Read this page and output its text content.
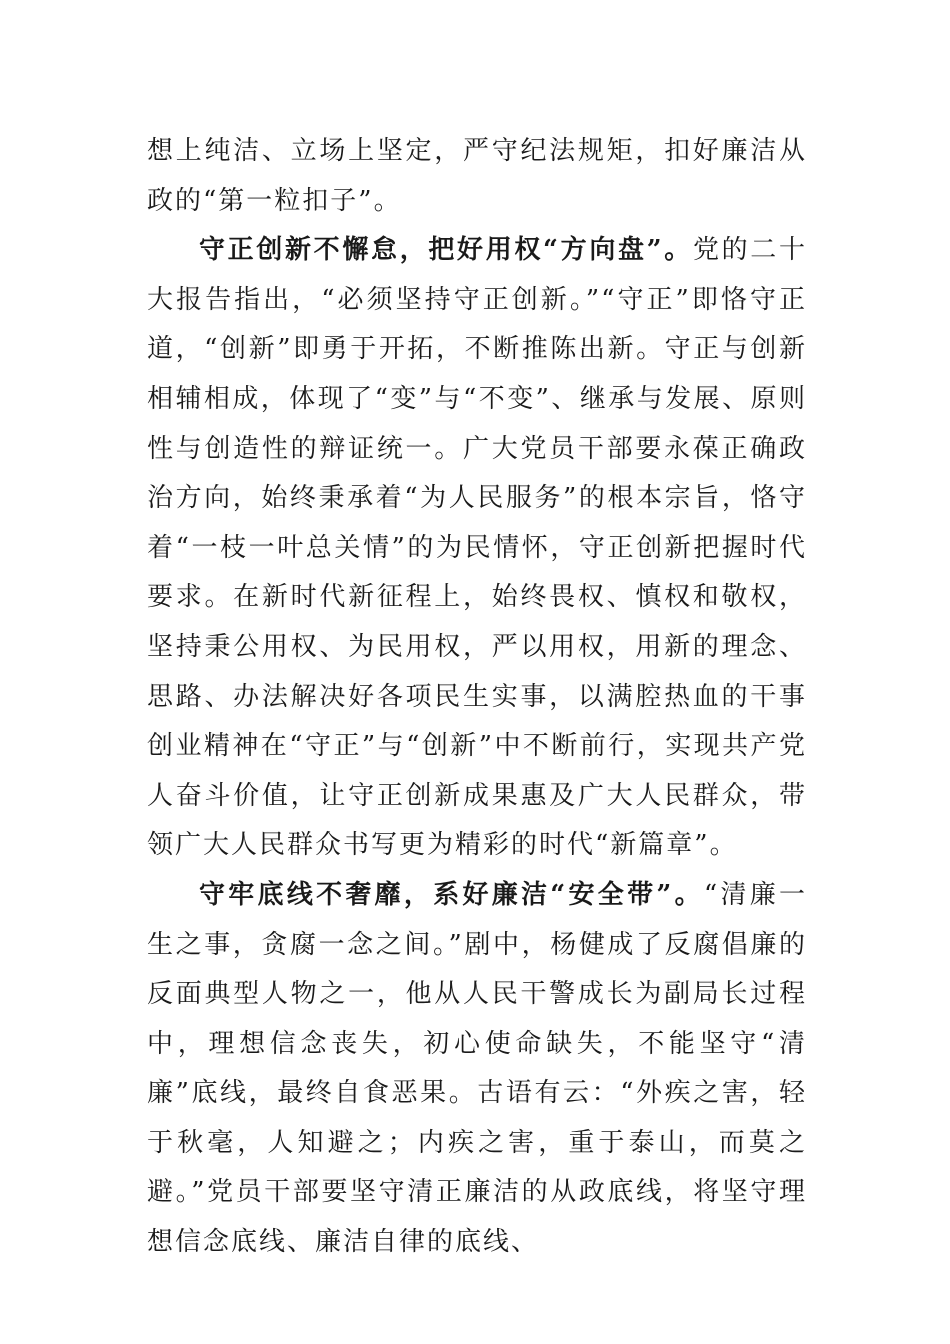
想上纯洁、立场上坚定，严守纪法规矩，扣好廉洁从政的“第一粒扣子”。

守正创新不懈怠，把好用权“方向盘”。党的二十大报告指出，“必须坚持守正创新。”“守正”即恪守正道，“创新”即勇于开拓，不断推陈出新。守正与创新相辅相成，体现了“变”与“不变”、继承与发展、原则性与创造性的辩证统一。广大党员干部要永葆正确政治方向，始终秉承着“为人民服务”的根本宗旨，恪守着“一枝一叶总关情”的为民情怀，守正创新把握时代要求。在新时代新征程上，始终畏权、慎权和敬权，坚持秉公用权、为民用权，严以用权，用新的理念、思路、办法解决好各项民生实事，以满腔热血的干事创业精神在“守正”与“创新”中不断前行，实现共产党人奋斗价值，让守正创新成果惠及广大人民群众，带领广大人民群众书写更为精彩的时代“新篇章”。

守牢底线不奢靡，系好廉洁“安全带”。“清廉一生之事，贪腐一念之间。”剧中，杨健成了反腐倡廉的反面典型人物之一，他从人民干警成长为副局长过程中，理想信念丧失，初心使命缺失，不能坚守“清廉”底线，最终自食恶果。古语有云：“外疾之害，轻于秋毫，人知避之；内疾之害，重于泰山，而莫之避。”党员干部要坚守清正廉洁的从政底线，将坚守理想信念底线、廉洁自律的底线、
